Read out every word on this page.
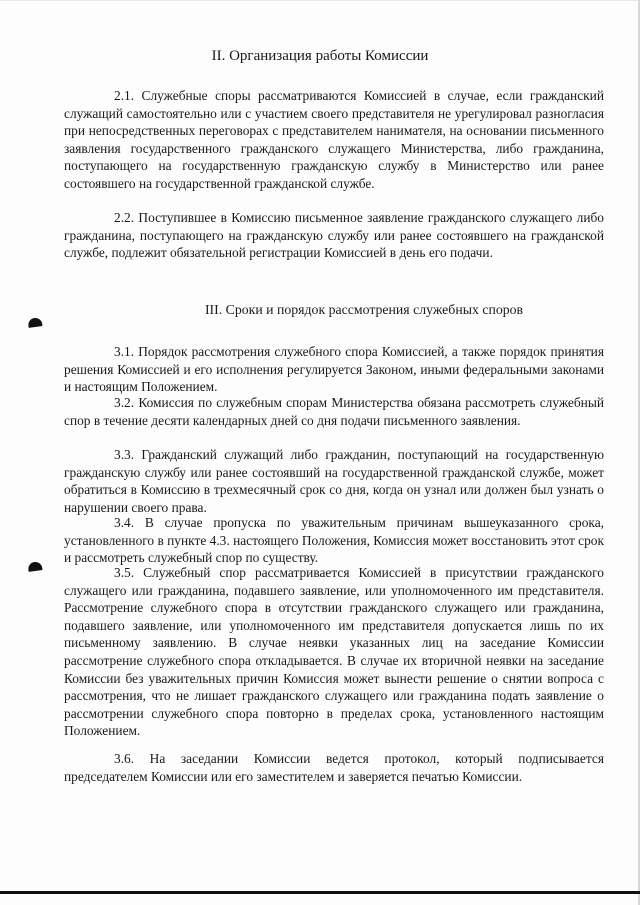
II. Организация работы Комиссии

2.1. Служебные споры рассматриваются Комиссией в случае, если гражданский служащий самостоятельно или с участием своего представителя не урегулировал разногласия при непосредственных переговорах с представителем нанимателя, на основании письменного заявления государственного гражданского служащего Министерства, либо гражданина, поступающего на государственную гражданскую службу в Министерство или ранее состоявшего на государственной гражданской службе.

2.2. Поступившее в Комиссию письменное заявление гражданского служащего либо гражданина, поступающего на гражданскую службу или ранее состоявшего на гражданской службе, подлежит обязательной регистрации Комиссией в день его подачи.

III. Сроки и порядок рассмотрения служебных споров

3.1. Порядок рассмотрения служебного спора Комиссией, а также порядок принятия решения Комиссией и его исполнения регулируется Законом, иными федеральными законами и настоящим Положением.

3.2. Комиссия по служебным спорам Министерства обязана рассмотреть служебный спор в течение десяти календарных дней со дня подачи письменного заявления.

3.3. Гражданский служащий либо гражданин, поступающий на государственную гражданскую службу или ранее состоявший на государственной гражданской службе, может обратиться в Комиссию в трехмесячный срок со дня, когда он узнал или должен был узнать о нарушении своего права.

3.4. В случае пропуска по уважительным причинам вышеуказанного срока, установленного в пункте 4.3. настоящего Положения, Комиссия может восстановить этот срок и рассмотреть служебный спор по существу.

3.5. Служебный спор рассматривается Комиссией в присутствии гражданского служащего или гражданина, подавшего заявление, или уполномоченного им представителя. Рассмотрение служебного спора в отсутствии гражданского служащего или гражданина, подавшего заявление, или уполномоченного им представителя допускается лишь по их письменному заявлению. В случае неявки указанных лиц на заседание Комиссии рассмотрение служебного спора откладывается. В случае их вторичной неявки на заседание Комиссии без уважительных причин Комиссия может вынести решение о снятии вопроса с рассмотрения, что не лишает гражданского служащего или гражданина подать заявление о рассмотрении служебного спора повторно в пределах срока, установленного настоящим Положением.

3.6. На заседании Комиссии ведется протокол, который подписывается председателем Комиссии или его заместителем и заверяется печатью Комиссии.
